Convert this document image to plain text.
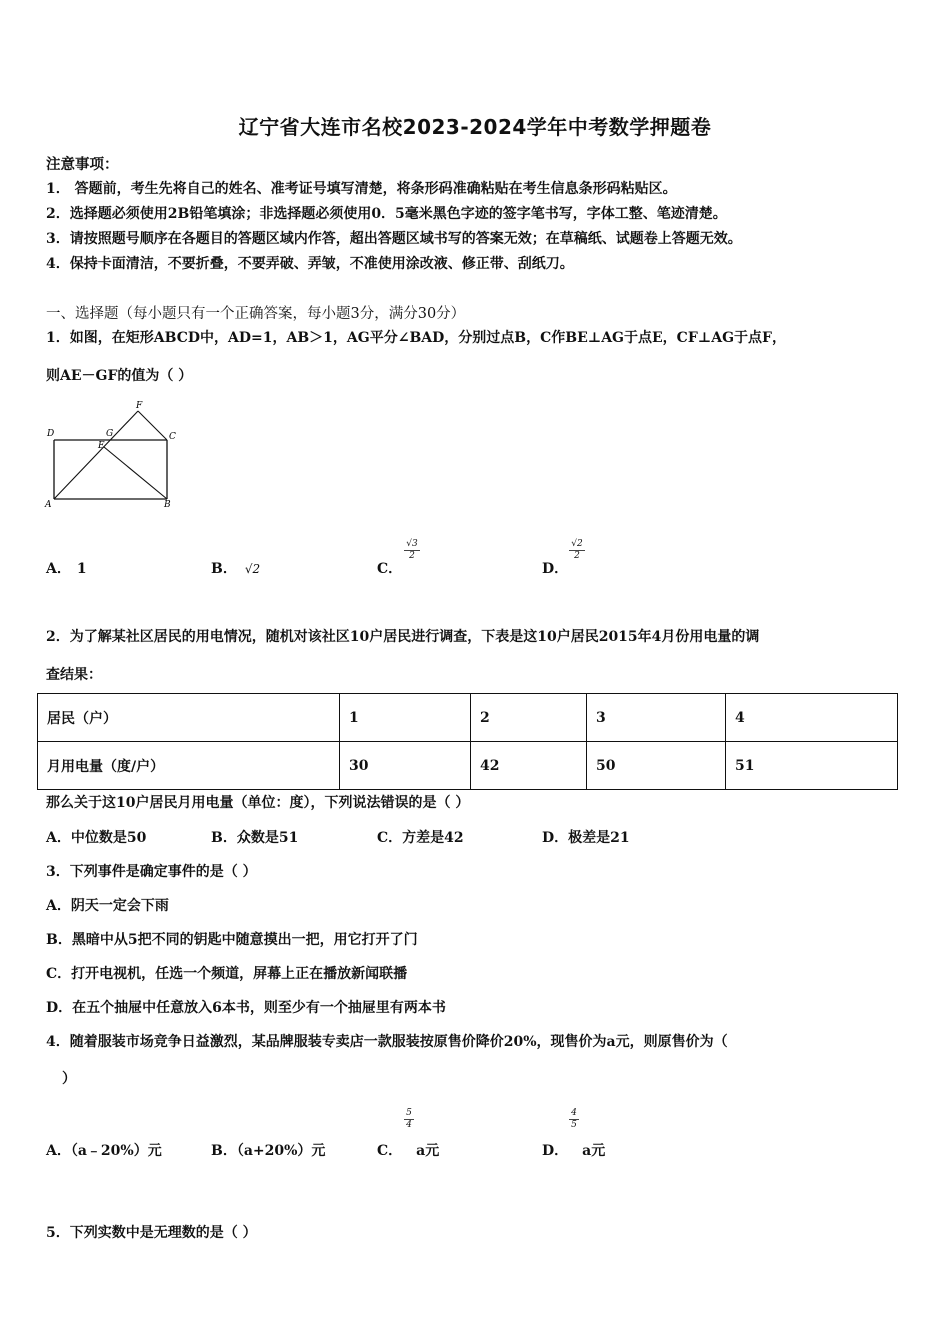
辽宁省大连市名校2023-2024学年中考数学押题卷
注意事项：
1． 答题前，考生先将自己的姓名、准考证号填写清楚，将条形码准确粘贴在考生信息条形码粘贴区。
2．选择题必须使用2B铅笔填涂；非选择题必须使用0．5毫米黑色字迹的签字笔书写，字体工整、笔迹清楚。
3．请按照题号顺序在各题目的答题区域内作答，超出答题区域书写的答案无效；在草稿纸、试题卷上答题无效。
4．保持卡面清洁，不要折叠，不要弄破、弄皱，不准使用涂改液、修正带、刮纸刀。
一、选择题（每小题只有一个正确答案，每小题3分，满分30分）
1．如图，在矩形ABCD中，AD=1，AB＞1，AG平分∠BAD，分别过点B，C作BE⊥AG于点E，CF⊥AG于点F，
则AE－GF的值为（ ）
D	G
F
C
E
A	B
A． 1	B． √2	C．
√3
2
D．
√2
2
2．为了解某社区居民的用电情况，随机对该社区10户居民进行调查，下表是这10户居民2015年4月份用电量的调
查结果：
居民（户）	1	2	3	4
月用电量（度/户）	30	42	50	51
那么关于这10户居民月用电量（单位：度），下列说法错误的是（ ）
A．中位数是50	B．众数是51	C．方差是42	D．极差是21
3．下列事件是确定事件的是（ ）
A．阴天一定会下雨
B．黑暗中从5把不同的钥匙中随意摸出一把，用它打开了门
C．打开电视机，任选一个频道，屏幕上正在播放新闻联播
D．在五个抽屉中任意放入6本书，则至少有一个抽屉里有两本书
4．随着服装市场竞争日益激烈，某品牌服装专卖店一款服装按原售价降价20%，现售价为a元，则原售价为（
）
A．（a﹣20%）元	B．（a+20%）元	C． a元
5
4
D． a元
4
5
5．下列实数中是无理数的是（ ）
